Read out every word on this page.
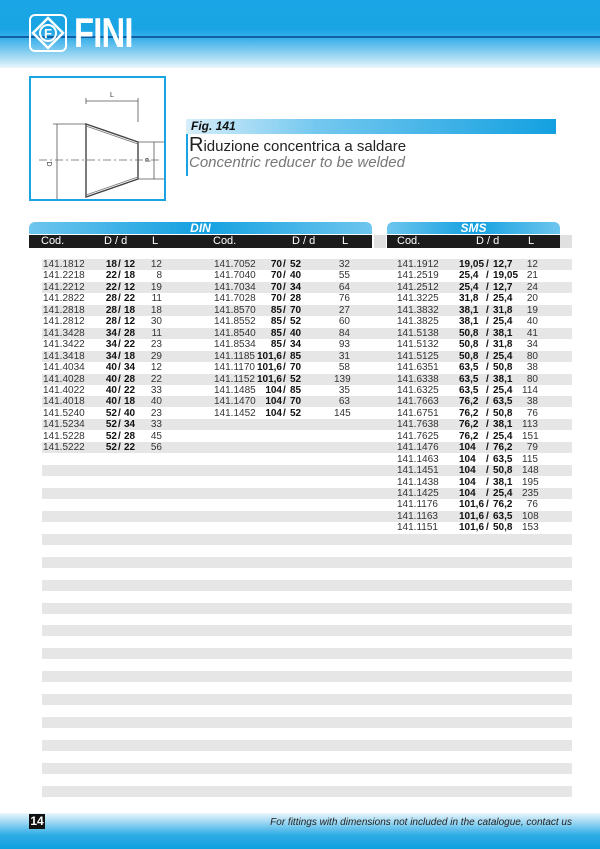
F FINI
L
D
d
Fig. 141
Riduzione concentrica a saldare
Concentric reducer to be welded
DIN
Cod.	D / d L	Cod.	D / d L
SMS
Cod.	D / d	L
141.1812	18 / 12	12
141.2218	22 / 18	8
141.2212	22 / 12	19
141.2822	28 / 22	11
141.2818	28 / 18	18
141.2812	28 / 12	30
141.3428	34 / 28	11
141.3422	34 / 22	23
141.3418	34 / 18	29
141.4034	40 / 34	12
141.4028	40 / 28	22
141.4022	40 / 22	33
141.4018	40 / 18	40
141.5240	52 / 40	23
141.5234	52 / 34	33
141.5228	52 / 28	45
141.5222	52 / 22	56
141.7052	70 / 52	32
141.7040	70 / 40	55
141.7034	70 / 34	64
141.7028	70 / 28	76
141.8570	85 / 70	27
141.8552	85 / 52	60
141.8540	85 / 40	84
141.8534	85 / 34	93
141.1185 101,6 / 85	31
141.1170 101,6 / 70	58
141.1152 101,6 / 52	139
141.1485 104 / 85	35
141.1470 104 / 70	63
141.1452 104 / 52	145
141.1912 19,05 / 12,7	12
141.2519 25,4 / 19,05 21
141.2512 25,4 / 12,7	24
141.3225 31,8 / 25,4	20
141.3832 38,1 / 31,8	19
141.3825 38,1 / 25,4	40
141.5138 50,8 / 38,1	41
141.5132 50,8 / 31,8	34
141.5125 50,8 / 25,4	80
141.6351 63,5 / 50,8	38
141.6338 63,5 / 38,1	80
141.6325 63,5 / 25,4 114
141.7663 76,2 / 63,5	38
141.6751 76,2 / 50,8	76
141.7638 76,2 / 38,1 113
141.7625 76,2 / 25,4 151
141.1476 104 / 76,2	79
141.1463 104 / 63,5 115
141.1451 104 / 50,8 148
141.1438 104 / 38,1 195
141.1425 104 / 25,4 235
141.1176 101,6 / 76,2	76
141.1163 101,6 / 63,5 108
141.1151 101,6 / 50,8 153
14	For fittings with dimensions not included in the catalogue, contact us
